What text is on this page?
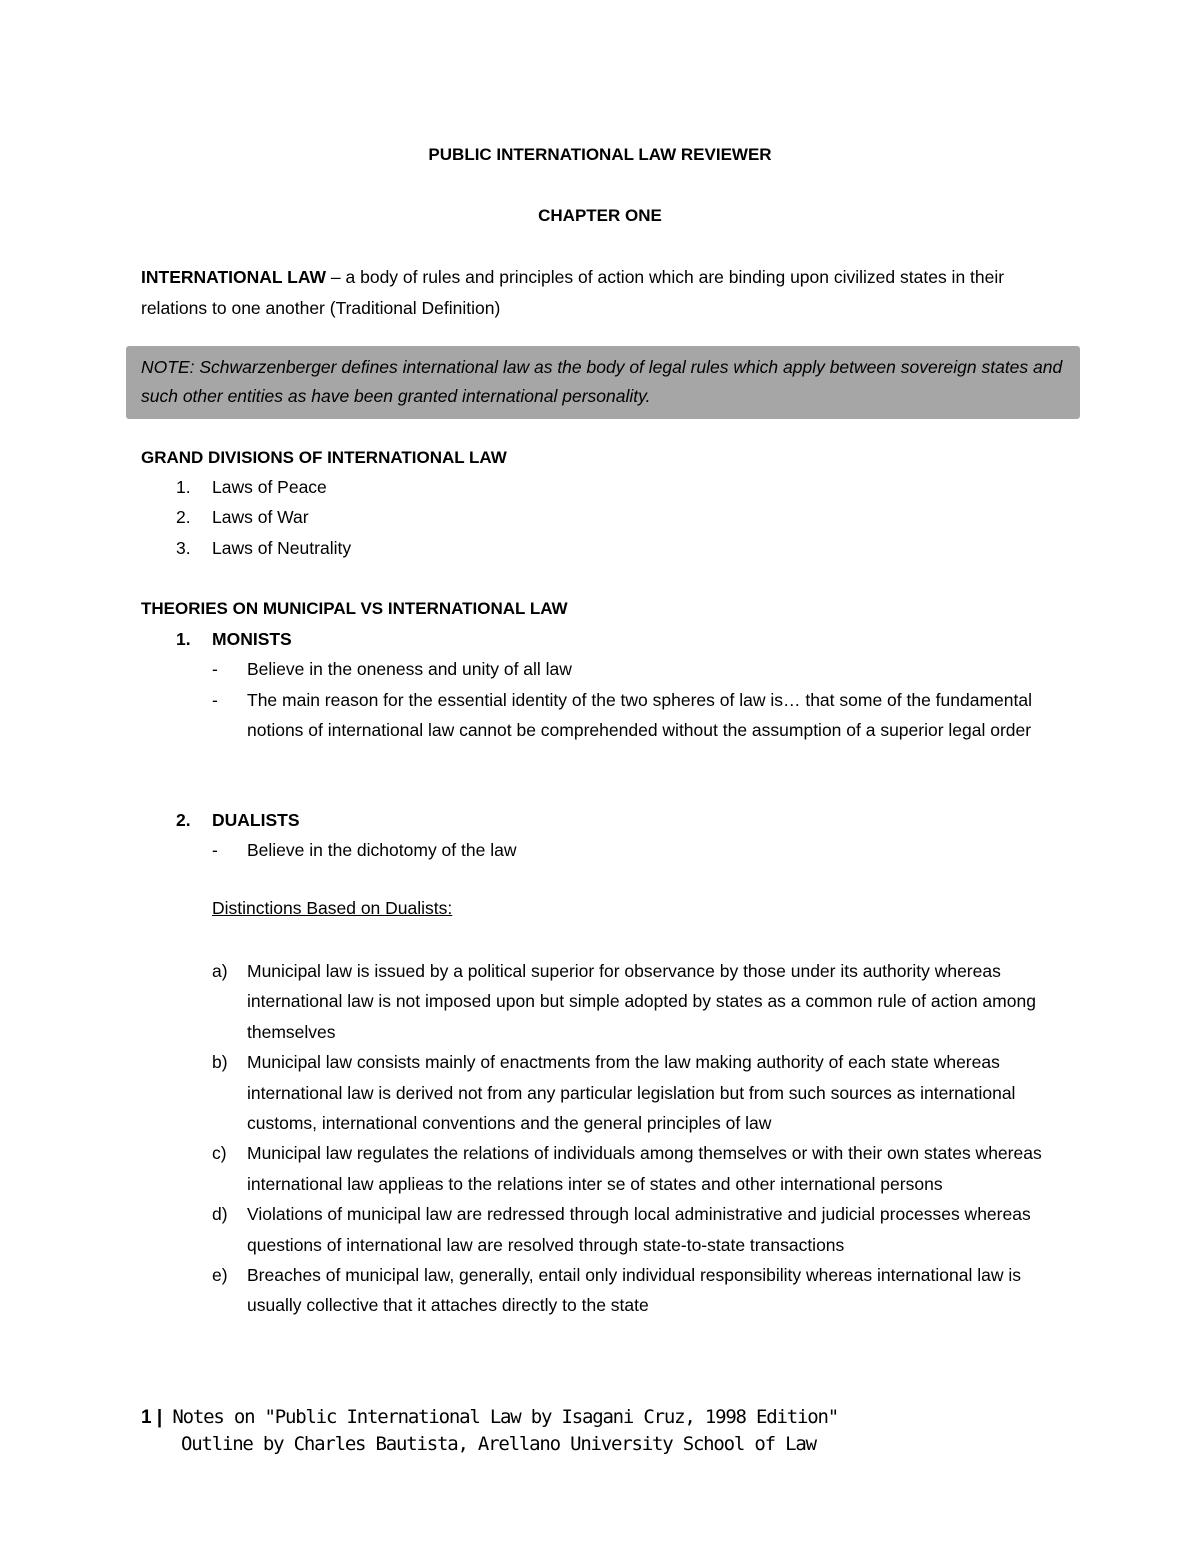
PUBLIC INTERNATIONAL LAW REVIEWER
CHAPTER ONE
INTERNATIONAL LAW – a body of rules and principles of action which are binding upon civilized states in their relations to one another (Traditional Definition)
NOTE: Schwarzenberger defines international law as the body of legal rules which apply between sovereign states and such other entities as have been granted international personality.
GRAND DIVISIONS OF INTERNATIONAL LAW
1.	Laws of Peace
2.	Laws of War
3.	Laws of Neutrality
THEORIES ON MUNICIPAL VS INTERNATIONAL LAW
1.	MONISTS
-	Believe in the oneness and unity of all law
-	The main reason for the essential identity of the two spheres of law is… that some of the fundamental notions of international law cannot be comprehended without the assumption of a superior legal order
2.	DUALISTS
-	Believe in the dichotomy of the law
Distinctions Based on Dualists:
a)	Municipal law is issued by a political superior for observance by those under its authority whereas international law is not imposed upon but simple adopted by states as a common rule of action among themselves
b)	Municipal law consists mainly of enactments from the law making authority of each state whereas international law is derived not from any particular legislation but from such sources as international customs, international conventions and the general principles of law
c)	Municipal law regulates the relations of individuals among themselves or with their own states whereas international law applieas to the relations inter se of states and other international persons
d)	Violations of municipal law are redressed through local administrative and judicial processes whereas questions of international law are resolved through state-to-state transactions
e)	Breaches of municipal law, generally, entail only individual responsibility whereas international law is usually collective that it attaches directly to the state
1 | Notes on "Public International Law by Isagani Cruz, 1998 Edition"
Outline by Charles Bautista, Arellano University School of Law
